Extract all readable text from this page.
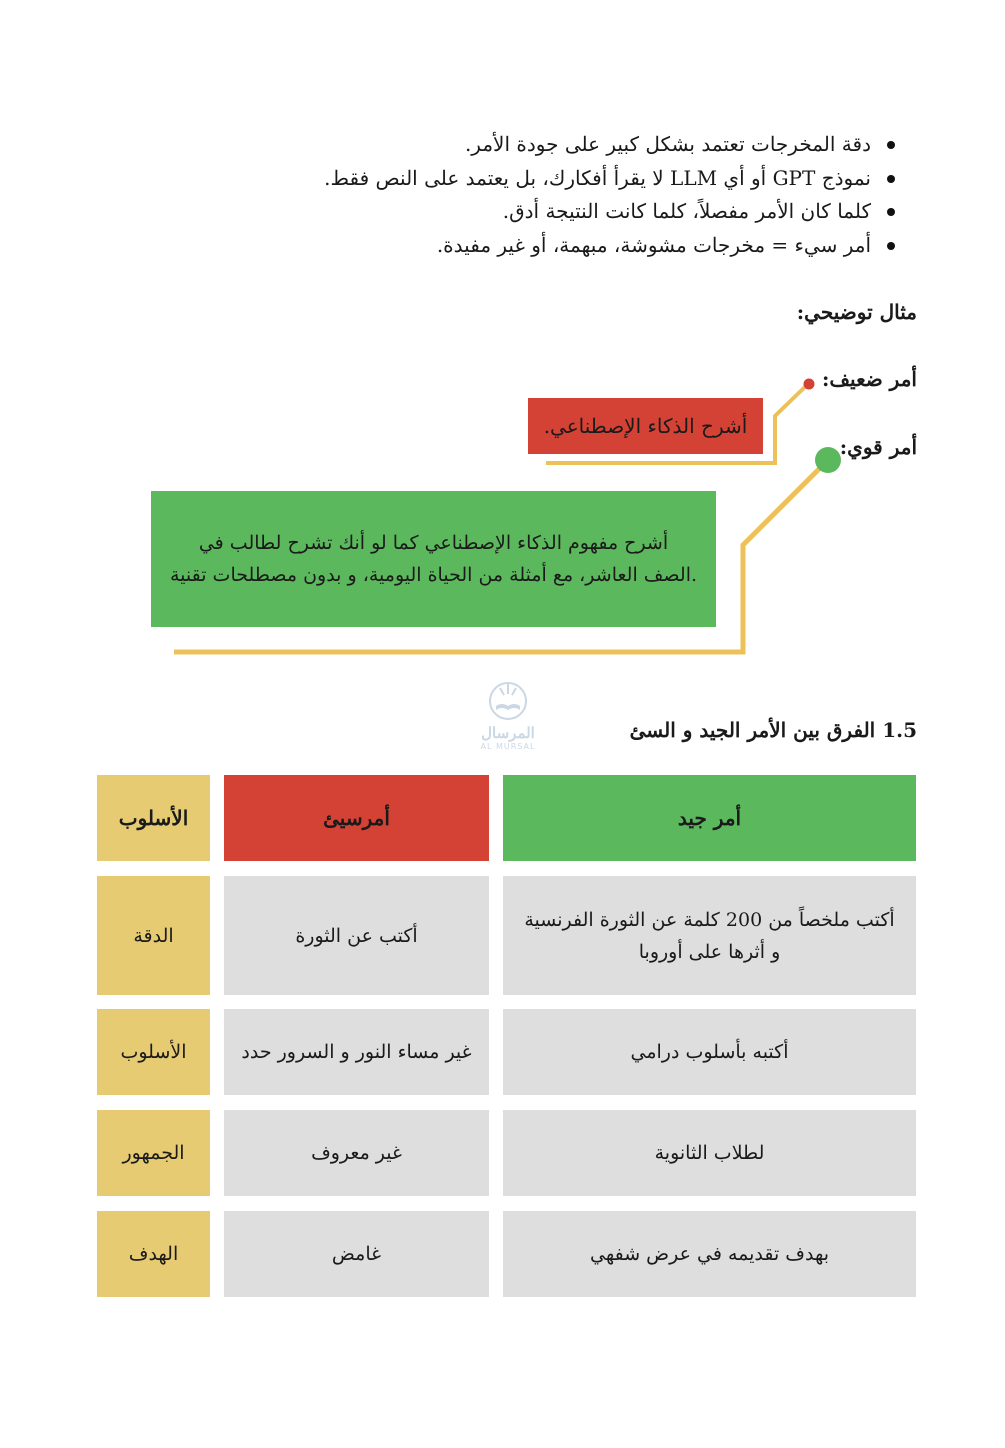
دقة المخرجات تعتمد بشكل كبير على جودة الأمر.
نموذج GPT أو أي LLM لا يقرأ أفكارك، بل يعتمد على النص فقط.
كلما كان الأمر مفصلاً، كلما كانت النتيجة أدق.
أمر سيء = مخرجات مشوشة، مبهمة، أو غير مفيدة.
مثال توضيحي:
أمر ضعيف:
أشرح الذكاء الإصطناعي.
أمر قوي:
أشرح مفهوم الذكاء الإصطناعي كما لو أنك تشرح لطالب في
.الصف العاشر، مع أمثلة من الحياة اليومية، و بدون مصطلحات تقنية
المرسال
AL MURSAL
1.5 الفرق بين الأمر الجيد و السئ
أمر جيد
أمرسيئ
الأسلوب
أكتب ملخصاً من 200 كلمة عن الثورة الفرنسية
و أثرها على أوروبا
أكتب عن الثورة
الدقة
أكتبه بأسلوب درامي
غير مساء النور و السرور حدد
الأسلوب
لطلاب الثانوية
غير معروف
الجمهور
بهدف تقديمه في عرض شفهي
غامض
الهدف
